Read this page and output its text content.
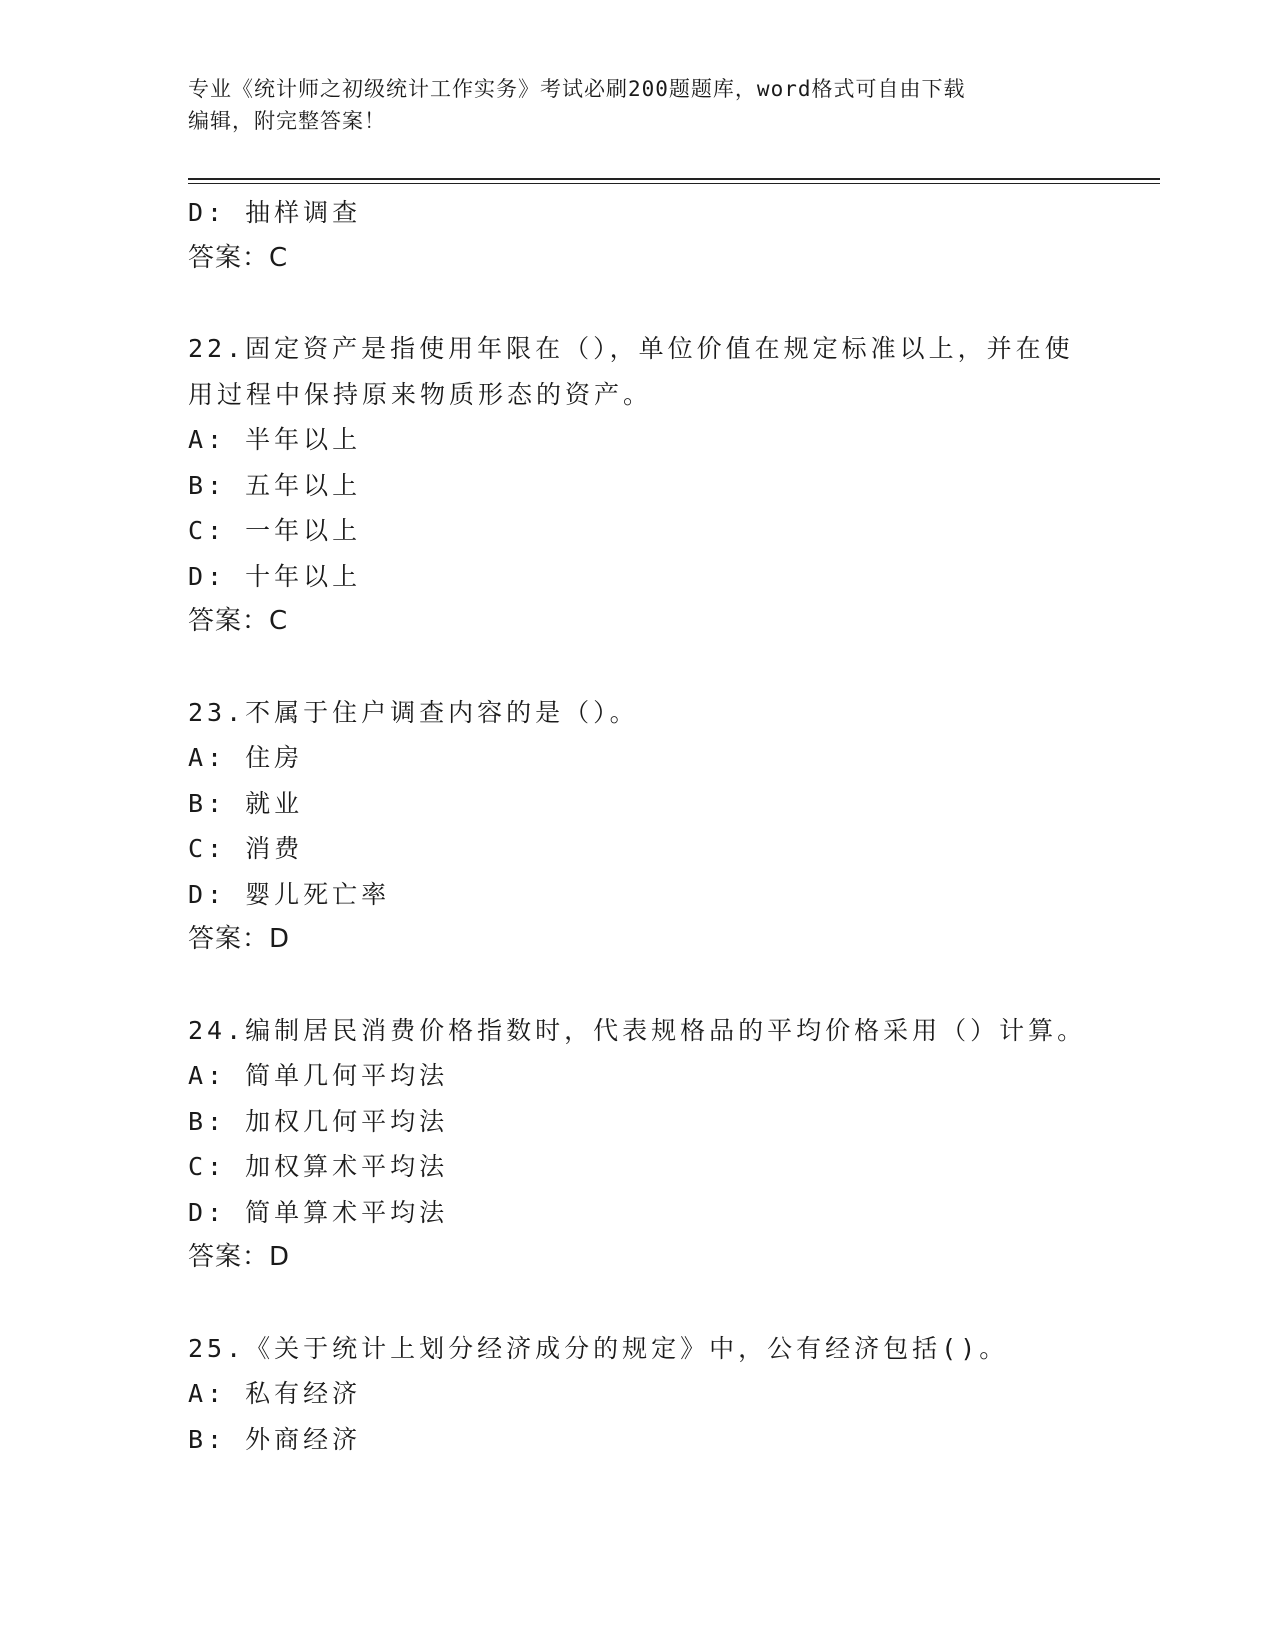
专业《统计师之初级统计工作实务》考试必刷200题题库，word格式可自由下载
编辑，附完整答案！
D: 抽样调查
答案：C
22.固定资产是指使用年限在（），单位价值在规定标准以上，并在使
用过程中保持原来物质形态的资产。
A: 半年以上
B: 五年以上
C: 一年以上
D: 十年以上
答案：C
23.不属于住户调查内容的是（）。
A: 住房
B: 就业
C: 消费
D: 婴儿死亡率
答案：D
24.编制居民消费价格指数时，代表规格品的平均价格采用（）计算。
A: 简单几何平均法
B: 加权几何平均法
C: 加权算术平均法
D: 简单算术平均法
答案：D
25.《关于统计上划分经济成分的规定》中，公有经济包括()。
A: 私有经济
B: 外商经济
